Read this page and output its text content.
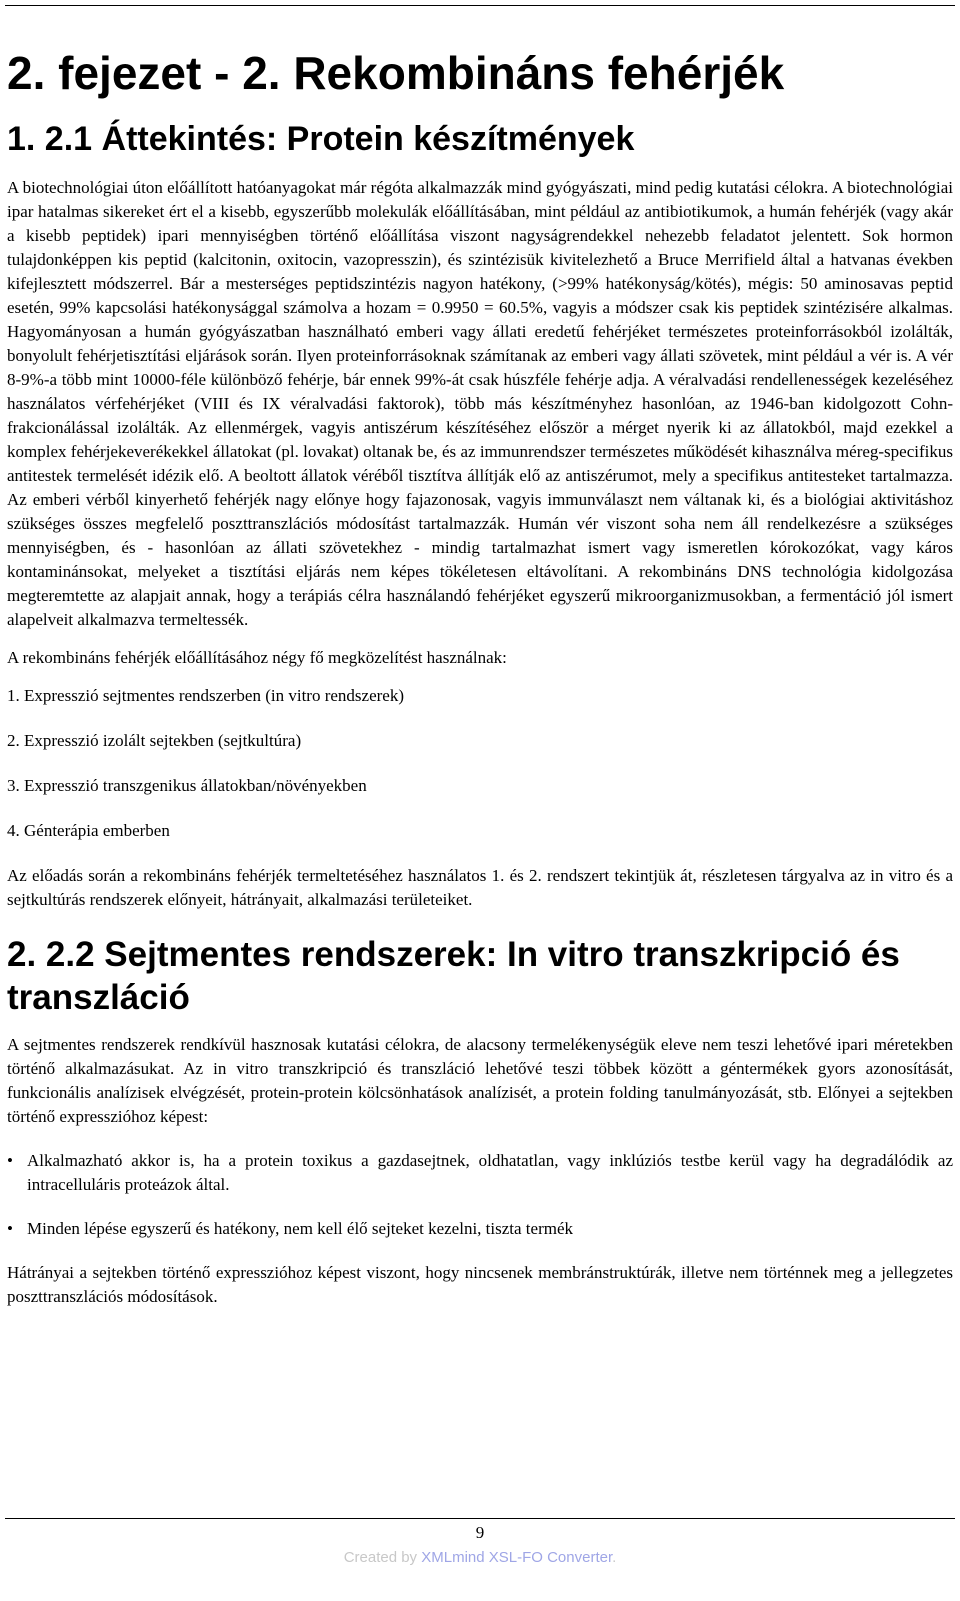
2. fejezet - 2. Rekombináns fehérjék
1. 2.1 Áttekintés: Protein készítmények

A biotechnológiai úton előállított hatóanyagokat már régóta alkalmazzák mind gyógyászati, mind pedig kutatási célokra. A biotechnológiai ipar hatalmas sikereket ért el a kisebb, egyszerűbb molekulák előállításában, mint például az antibiotikumok, a humán fehérjék (vagy akár a kisebb peptidek) ipari mennyiségben történő előállítása viszont nagyságrendekkel nehezebb feladatot jelentett. Sok hormon tulajdonképpen kis peptid (kalcitonin, oxitocin, vazopresszin), és szintézisük kivitelezhető a Bruce Merrifield által a hatvanas években kifejlesztett módszerrel. Bár a mesterséges peptidszintézis nagyon hatékony, (>99% hatékonyság/kötés), mégis: 50 aminosavas peptid esetén, 99% kapcsolási hatékonysággal számolva a hozam = 0.9950 = 60.5%, vagyis a módszer csak kis peptidek szintézisére alkalmas. Hagyományosan a humán gyógyászatban használható emberi vagy állati eredetű fehérjéket természetes proteinforrásokból izolálták, bonyolult fehérjetisztítási eljárások során. Ilyen proteinforrásoknak számítanak az emberi vagy állati szövetek, mint például a vér is. A vér 8-9%-a több mint 10000-féle különböző fehérje, bár ennek 99%-át csak húszféle fehérje adja. A véralvadási rendellenességek kezeléséhez használatos vérfehérjéket (VIII és IX véralvadási faktorok), több más készítményhez hasonlóan, az 1946-ban kidolgozott Cohn-frakcionálással izolálták. Az ellenmérgek, vagyis antiszérum készítéséhez először a mérget nyerik ki az állatokból, majd ezekkel a komplex fehérjekeverékekkel állatokat (pl. lovakat) oltanak be, és az immunrendszer természetes működését kihasználva méreg-specifikus antitestek termelését idézik elő. A beoltott állatok véréből tisztítva állítják elő az antiszérumot, mely a specifikus antitesteket tartalmazza. Az emberi vérből kinyerhető fehérjék nagy előnye hogy fajazonosak, vagyis immunválaszt nem váltanak ki, és a biológiai aktivitáshoz szükséges összes megfelelő poszttranszlációs módosítást tartalmazzák. Humán vér viszont soha nem áll rendelkezésre a szükséges mennyiségben, és - hasonlóan az állati szövetekhez - mindig tartalmazhat ismert vagy ismeretlen kórokozókat, vagy káros kontaminánsokat, melyeket a tisztítási eljárás nem képes tökéletesen eltávolítani. A rekombináns DNS technológia kidolgozása megteremtette az alapjait annak, hogy a terápiás célra használandó fehérjéket egyszerű mikroorganizmusokban, a fermentáció jól ismert alapelveit alkalmazva termeltessék.

A rekombináns fehérjék előállításához négy fő megközelítést használnak:

1. Expresszió sejtmentes rendszerben (in vitro rendszerek)

2. Expresszió izolált sejtekben (sejtkultúra)

3. Expresszió transzgenikus állatokban/növényekben

4. Génterápia emberben

Az előadás során a rekombináns fehérjék termeltetéséhez használatos 1. és 2. rendszert tekintjük át, részletesen tárgyalva az in vitro és a sejtkultúrás rendszerek előnyeit, hátrányait, alkalmazási területeiket.

2. 2.2 Sejtmentes rendszerek: In vitro transzkripció és transzláció

A sejtmentes rendszerek rendkívül hasznosak kutatási célokra, de alacsony termelékenységük eleve nem teszi lehetővé ipari méretekben történő alkalmazásukat. Az in vitro transzkripció és transzláció lehetővé teszi többek között a géntermékek gyors azonosítását, funkcionális analízisek elvégzését, protein-protein kölcsönhatások analízisét, a protein folding tanulmányozását, stb. Előnyei a sejtekben történő expresszióhoz képest:

• Alkalmazható akkor is, ha a protein toxikus a gazdasejtnek, oldhatatlan, vagy inklúziós testbe kerül vagy ha degradálódik az intracelluláris proteázok által.
• Minden lépése egyszerű és hatékony, nem kell élő sejteket kezelni, tiszta termék

Hátrányai a sejtekben történő expresszióhoz képest viszont, hogy nincsenek membránstruktúrák, illetve nem történnek meg a jellegzetes poszttranszlációs módosítások.

9
Created by XMLmind XSL-FO Converter.
